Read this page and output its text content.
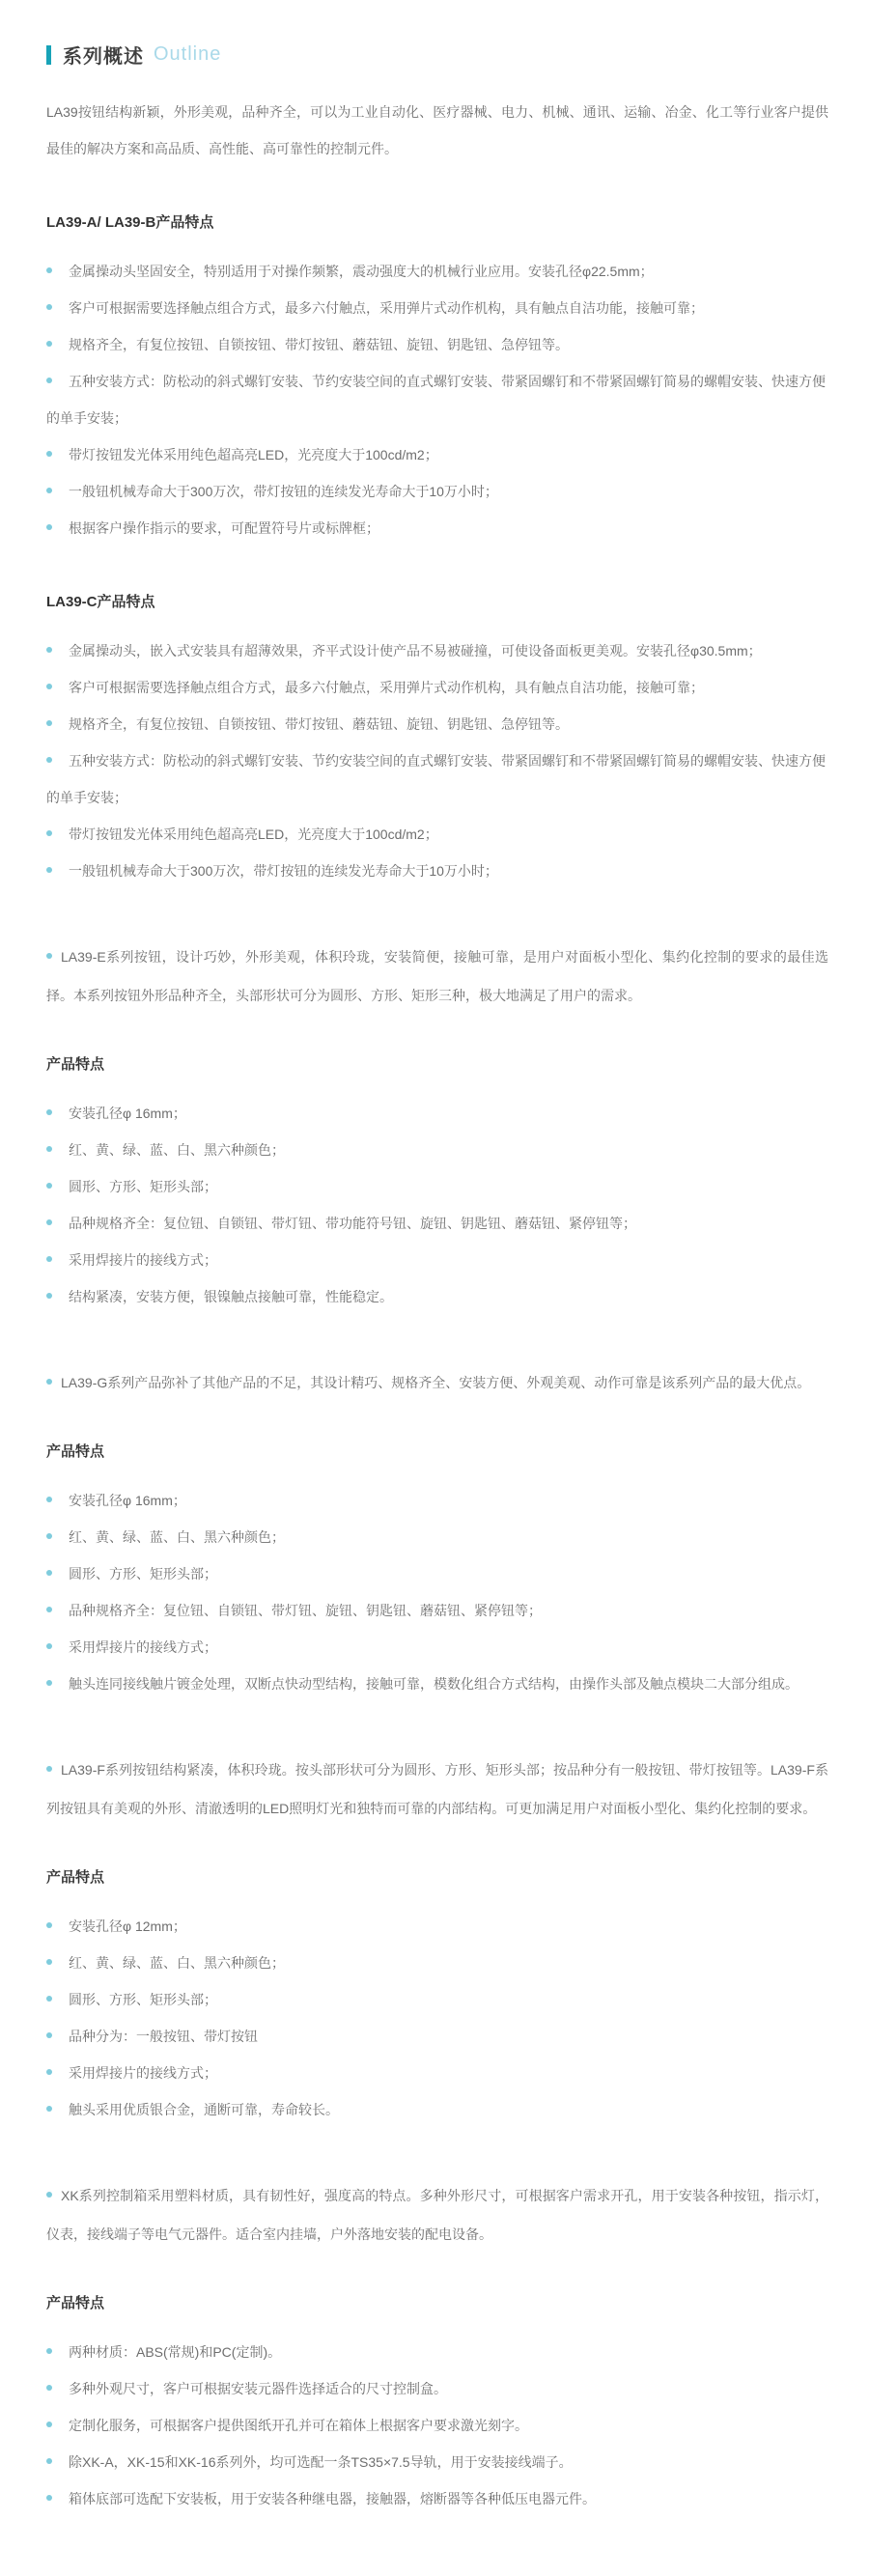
系列概述 Outline

LA39按钮结构新颖，外形美观，品种齐全，可以为工业自动化、医疗器械、电力、机械、通讯、运输、冶金、化工等行业客户提供最佳的解决方案和高品质、高性能、高可靠性的控制元件。

LA39-A/ LA39-B产品特点
金属操动头坚固安全，特别适用于对操作频繁，震动强度大的机械行业应用。安装孔径φ22.5mm；
客户可根据需要选择触点组合方式，最多六付触点，采用弹片式动作机构，具有触点自洁功能，接触可靠；
规格齐全，有复位按钮、自锁按钮、带灯按钮、蘑菇钮、旋钮、钥匙钮、急停钮等。
五种安装方式：防松动的斜式螺钉安装、节约安装空间的直式螺钉安装、带紧固螺钉和不带紧固螺钉简易的螺帽安装、快速方便的单手安装；
带灯按钮发光体采用纯色超高亮LED，光亮度大于100cd/m2；
一般钮机械寿命大于300万次，带灯按钮的连续发光寿命大于10万小时；
根据客户操作指示的要求，可配置符号片或标牌框；
LA39-C产品特点
金属操动头，嵌入式安装具有超薄效果，齐平式设计使产品不易被碰撞，可使设备面板更美观。安装孔径φ30.5mm；
客户可根据需要选择触点组合方式，最多六付触点，采用弹片式动作机构，具有触点自洁功能，接触可靠；
规格齐全，有复位按钮、自锁按钮、带灯按钮、蘑菇钮、旋钮、钥匙钮、急停钮等。
五种安装方式：防松动的斜式螺钉安装、节约安装空间的直式螺钉安装、带紧固螺钉和不带紧固螺钉简易的螺帽安装、快速方便的单手安装；
带灯按钮发光体采用纯色超高亮LED，光亮度大于100cd/m2；
一般钮机械寿命大于300万次，带灯按钮的连续发光寿命大于10万小时；

LA39-E系列按钮，设计巧妙，外形美观，体积玲珑，安装简便，接触可靠，是用户对面板小型化、集约化控制的要求的最佳选择。本系列按钮外形品种齐全，头部形状可分为圆形、方形、矩形三种，极大地满足了用户的需求。

产品特点
安装孔径φ 16mm；
红、黄、绿、蓝、白、黑六种颜色；
圆形、方形、矩形头部；
品种规格齐全：复位钮、自锁钮、带灯钮、带功能符号钮、旋钮、钥匙钮、蘑菇钮、紧停钮等；
采用焊接片的接线方式；
结构紧凑，安装方便，银镍触点接触可靠，性能稳定。

LA39-G系列产品弥补了其他产品的不足，其设计精巧、规格齐全、安装方便、外观美观、动作可靠是该系列产品的最大优点。

产品特点
安装孔径φ 16mm；
红、黄、绿、蓝、白、黑六种颜色；
圆形、方形、矩形头部；
品种规格齐全：复位钮、自锁钮、带灯钮、旋钮、钥匙钮、蘑菇钮、紧停钮等；
采用焊接片的接线方式；
触头连同接线触片镀金处理，双断点快动型结构，接触可靠，模数化组合方式结构，由操作头部及触点模块二大部分组成。

LA39-F系列按钮结构紧凑，体积玲珑。按头部形状可分为圆形、方形、矩形头部；按品种分有一般按钮、带灯按钮等。LA39-F系列按钮具有美观的外形、清澈透明的LED照明灯光和独特而可靠的内部结构。可更加满足用户对面板小型化、集约化控制的要求。

产品特点
安装孔径φ 12mm；
红、黄、绿、蓝、白、黑六种颜色；
圆形、方形、矩形头部；
品种分为：一般按钮、带灯按钮
采用焊接片的接线方式；
触头采用优质银合金，通断可靠，寿命较长。

XK系列控制箱采用塑料材质，具有韧性好，强度高的特点。多种外形尺寸，可根据客户需求开孔，用于安装各种按钮，指示灯，仪表，接线端子等电气元器件。适合室内挂墙，户外落地安装的配电设备。

产品特点
两种材质：ABS(常规)和PC(定制)。
多种外观尺寸，客户可根据安装元器件选择适合的尺寸控制盒。
定制化服务，可根据客户提供图纸开孔并可在箱体上根据客户要求激光刻字。
除XK-A，XK-15和XK-16系列外，均可选配一条TS35×7.5导轨，用于安装接线端子。
箱体底部可选配下安装板，用于安装各种继电器，接触器，熔断器等各种低压电器元件。
